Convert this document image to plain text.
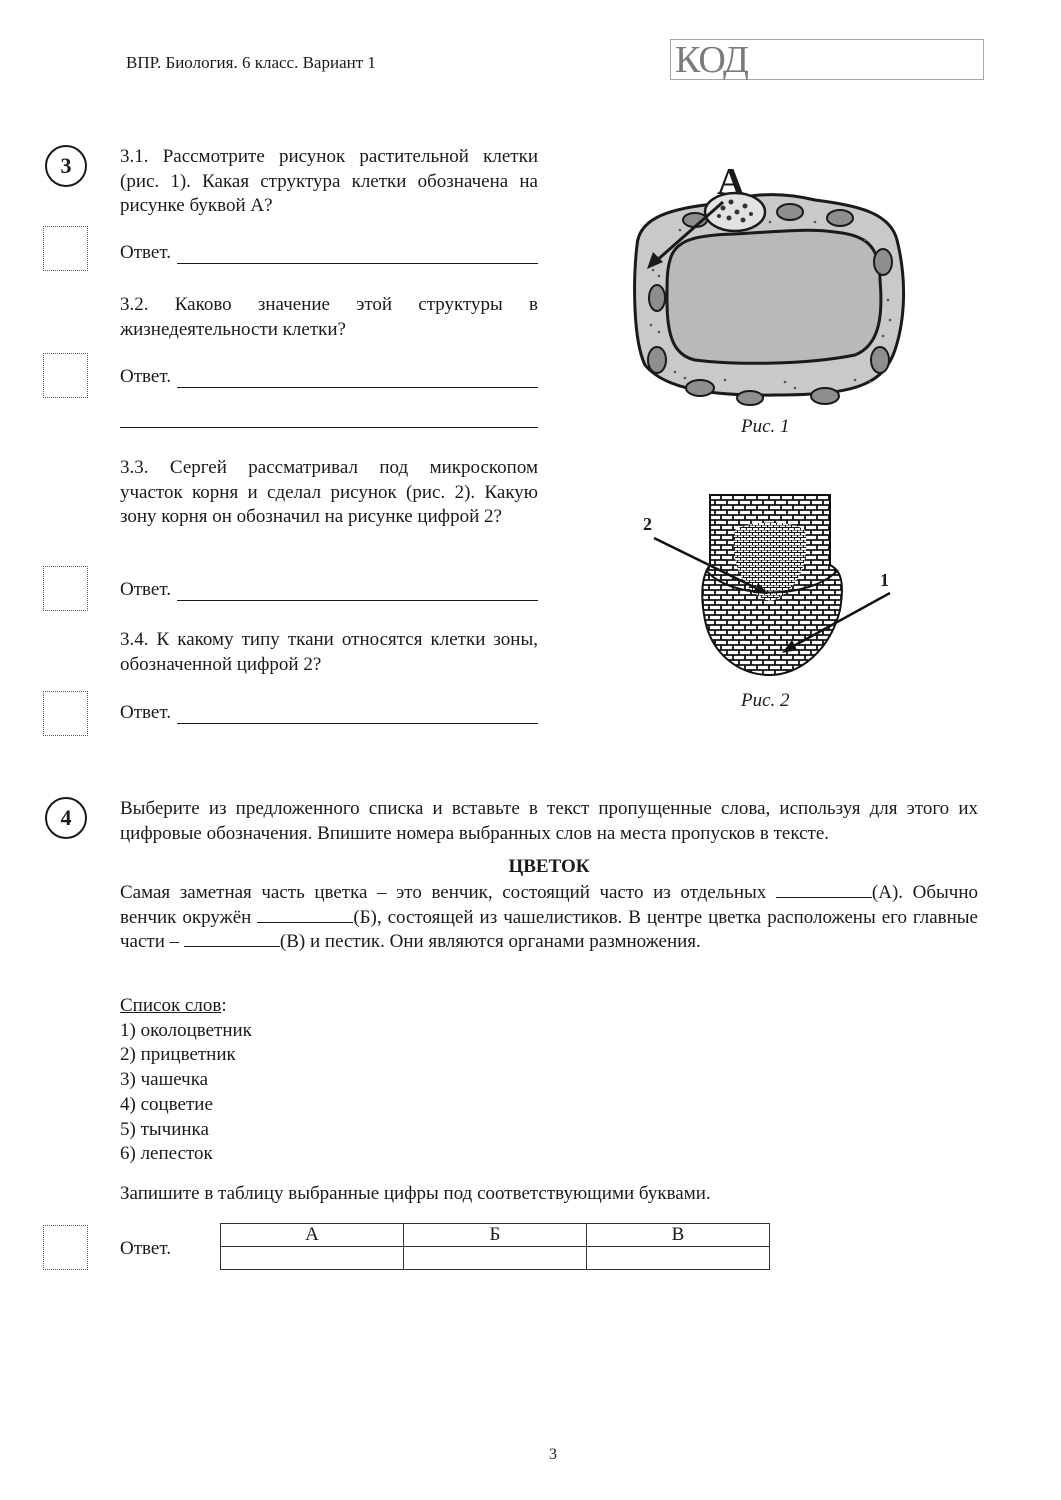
ВПР. Биология. 6 класс. Вариант 1	КОД
3	3.1. Рассмотрите рисунок растительной клетки (рис. 1). Какая структура клетки обозначена на рисунке буквой А?
Ответ.
3.2. Каково значение этой структуры в жизнедеятельности клетки?
Ответ.
3.3. Сергей рассматривал под микроскопом участок корня и сделал рисунок (рис. 2). Какую зону корня он обозначил на рисунке цифрой 2?
Ответ.
3.4. К какому типу ткани относятся клетки зоны, обозначенной цифрой 2?
Ответ.
A
Рис. 1
2
1
Рис. 2
4	Выберите из предложенного списка и вставьте в текст пропущенные слова, используя для этого их цифровые обозначения. Впишите номера выбранных слов на места пропусков в тексте.
ЦВЕТОК
Самая заметная часть цветка – это венчик, состоящий часто из отдельных	(А). Обычно венчик окружён	(Б), состоящей из чашелистиков. В центре цветка расположены его главные части –	(В) и пестик. Они являются органами размножения.
Список слов:
1) околоцветник
2) прицветник
3) чашечка
4) соцветие
5) тычинка
6) лепесток
Запишите в таблицу выбранные цифры под соответствующими буквами.
Ответ.
А	Б	В

3
